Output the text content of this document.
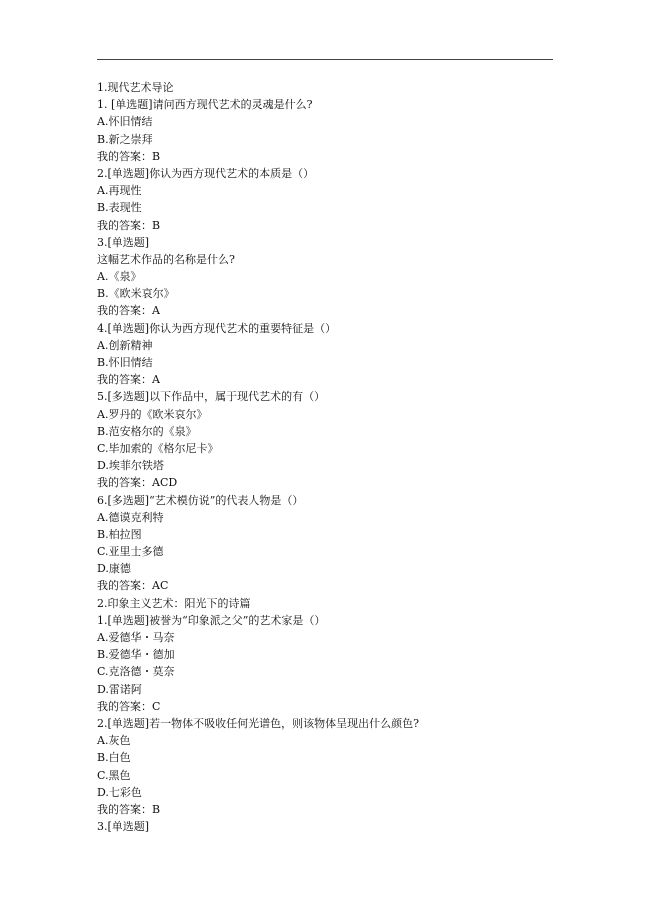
1.现代艺术导论
1. [单选题]请问西方现代艺术的灵魂是什么?
A.怀旧情结
B.新之崇拜
我的答案：B
2.[单选题]你认为西方现代艺术的本质是（）
A.再现性
B.表现性
我的答案：B
3.[单选题]
这幅艺术作品的名称是什么?
A.《泉》
B.《欧米哀尔》
我的答案：A
4.[单选题]你认为西方现代艺术的重要特征是（）
A.创新精神
B.怀旧情结
我的答案：A
5.[多选题]以下作品中，属于现代艺术的有（）
A.罗丹的《欧米哀尔》
B.范安格尔的《泉》
C.毕加索的《格尔尼卡》
D.埃菲尔铁塔
我的答案：ACD
6.[多选题]“艺术模仿说”的代表人物是（）
A.德谟克利特
B.柏拉图
C.亚里士多德
D.康德
我的答案：AC
2.印象主义艺术：阳光下的诗篇
1.[单选题]被誉为“印象派之父”的艺术家是（）
A.爱德华・马奈
B.爱德华・德加
C.克洛德・莫奈
D.雷诺阿
我的答案：C
2.[单选题]若一物体不吸收任何光谱色，则该物体呈现出什么颜色?
A.灰色
B.白色
C.黑色
D.七彩色
我的答案：B
3.[单选题]
